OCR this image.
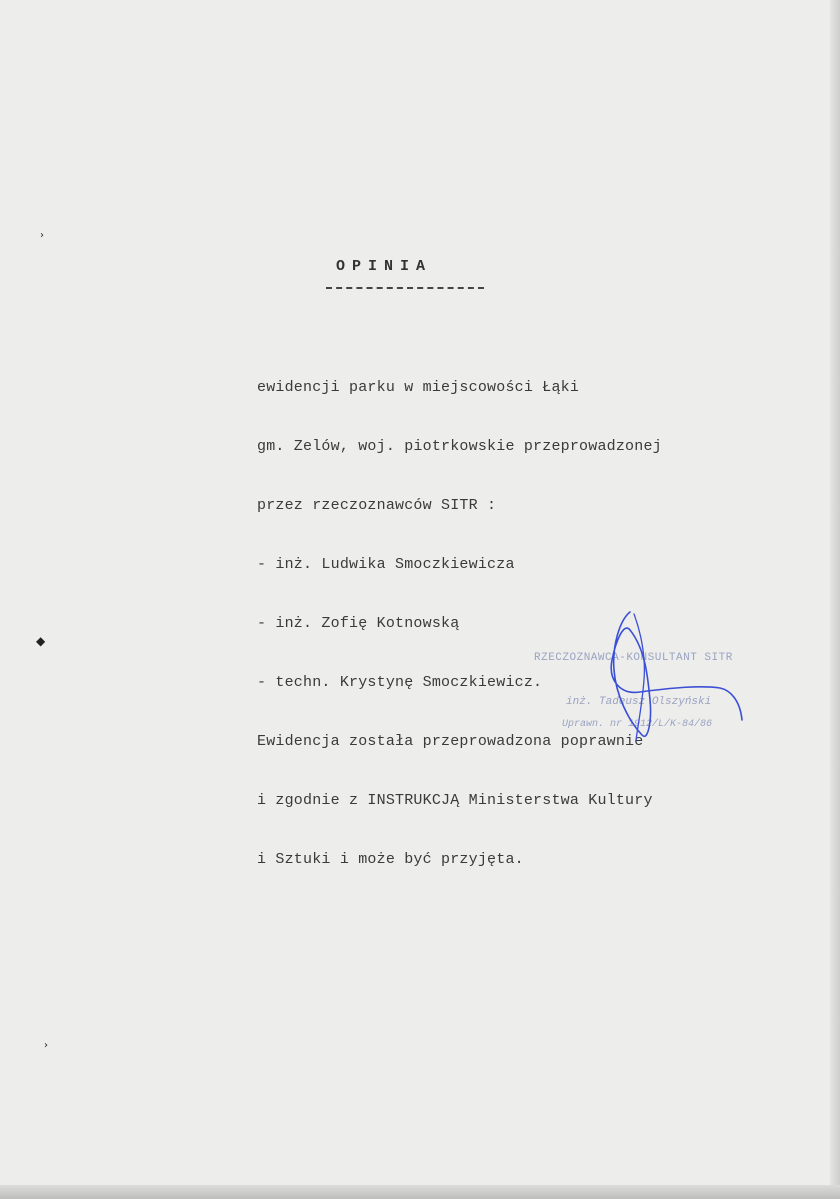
›
◆
›
OPINIA

ewidencji parku w miejscowości Łąki

gm. Zelów, woj. piotrkowskie przeprowadzonej

przez rzeczoznawców SITR :

- inż. Ludwika Smoczkiewicza

- inż. Zofię Kotnowską

- techn. Krystynę Smoczkiewicz.

Ewidencja została przeprowadzona poprawnie

i zgodnie z INSTRUKCJĄ Ministerstwa Kultury

i Sztuki i może być przyjęta.

RZECZOZNAWCA-KONSULTANT SITR
inż. Tadeusz Olszyński
Uprawn. nr 1912/L/K-84/86
